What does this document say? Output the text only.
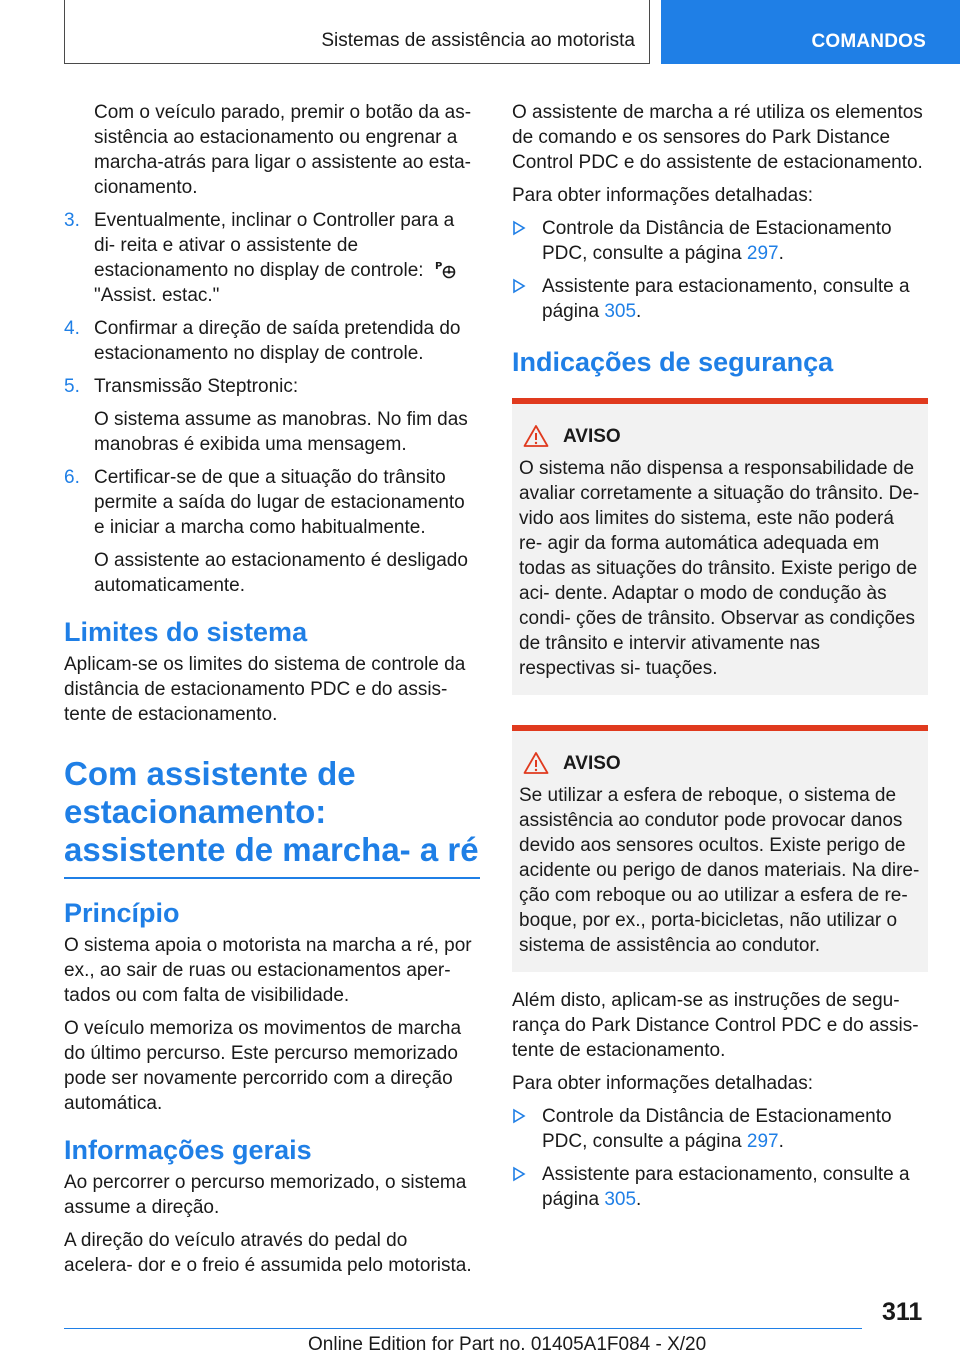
Sistemas de assistência ao motorista	COMANDOS

Com o veículo parado, premir o botão da as- sistência ao estacionamento ou engrenar a marcha-atrás para ligar o assistente ao esta- cionamento.

3. Eventualmente, inclinar o Controller para a di- reita e ativar o assistente de estacionamento no display de controle: P
"Assist. estac."
4. Confirmar a direção de saída pretendida do estacionamento no display de controle.
5. Transmissão Steptronic:

O sistema assume as manobras. No fim das manobras é exibida uma mensagem.

6. Certificar-se de que a situação do trânsito permite a saída do lugar de estacionamento e iniciar a marcha como habitualmente.

O assistente ao estacionamento é desligado automaticamente.

Limites do sistema

Aplicam-se os limites do sistema de controle da distância de estacionamento PDC e do assis- tente de estacionamento.

Com assistente de estacionamento: assistente de marcha- a ré
Princípio

O sistema apoia o motorista na marcha a ré, por ex., ao sair de ruas ou estacionamentos aper- tados ou com falta de visibilidade.

O veículo memoriza os movimentos de marcha do último percurso. Este percurso memorizado pode ser novamente percorrido com a direção automática.

Informações gerais

Ao percorrer o percurso memorizado, o sistema assume a direção.

A direção do veículo através do pedal do acelera- dor e o freio é assumida pelo motorista.

O assistente de marcha a ré utiliza os elementos de comando e os sensores do Park Distance Control PDC e do assistente de estacionamento.

Para obter informações detalhadas:

Controle da Distância de Estacionamento PDC, consulte a página 297.
Assistente para estacionamento, consulte a página 305.
Indicações de segurança
AVISO

O sistema não dispensa a responsabilidade de avaliar corretamente a situação do trânsito. De- vido aos limites do sistema, este não poderá re- agir da forma automática adequada em todas as situações do trânsito. Existe perigo de aci- dente. Adaptar o modo de condução às condi- ções de trânsito. Observar as condições de trânsito e intervir ativamente nas respectivas si- tuações.

AVISO

Se utilizar a esfera de reboque, o sistema de assistência ao condutor pode provocar danos devido aos sensores ocultos. Existe perigo de acidente ou perigo de danos materiais. Na dire- ção com reboque ou ao utilizar a esfera de re- boque, por ex., porta-bicicletas, não utilizar o sistema de assistência ao condutor.

Além disto, aplicam-se as instruções de segu- rança do Park Distance Control PDC e do assis- tente de estacionamento.

Para obter informações detalhadas:

Controle da Distância de Estacionamento PDC, consulte a página 297.
Assistente para estacionamento, consulte a página 305.
311
Online Edition for Part no. 01405A1F084 - X/20
